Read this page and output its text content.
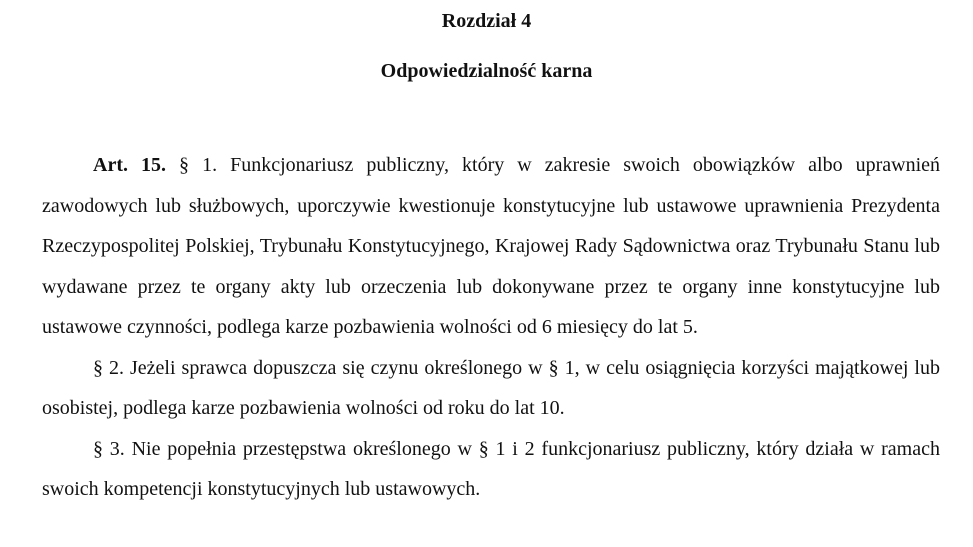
Rozdział 4
Odpowiedzialność karna

Art. 15. § 1. Funkcjonariusz publiczny, który w zakresie swoich obowiązków albo uprawnień zawodowych lub służbowych, uporczywie kwestionuje konstytucyjne lub ustawowe uprawnienia Prezydenta Rzeczypospolitej Polskiej, Trybunału Konstytucyjnego, Krajowej Rady Sądownictwa oraz Trybunału Stanu lub wydawane przez te organy akty lub orzeczenia lub dokonywane przez te organy inne konstytucyjne lub ustawowe czynności, podlega karze pozbawienia wolności od 6 miesięcy do lat 5.

§ 2. Jeżeli sprawca dopuszcza się czynu określonego w § 1, w celu osiągnięcia korzyści majątkowej lub osobistej, podlega karze pozbawienia wolności od roku do lat 10.

§ 3. Nie popełnia przestępstwa określonego w § 1 i 2 funkcjonariusz publiczny, który działa w ramach swoich kompetencji konstytucyjnych lub ustawowych.
